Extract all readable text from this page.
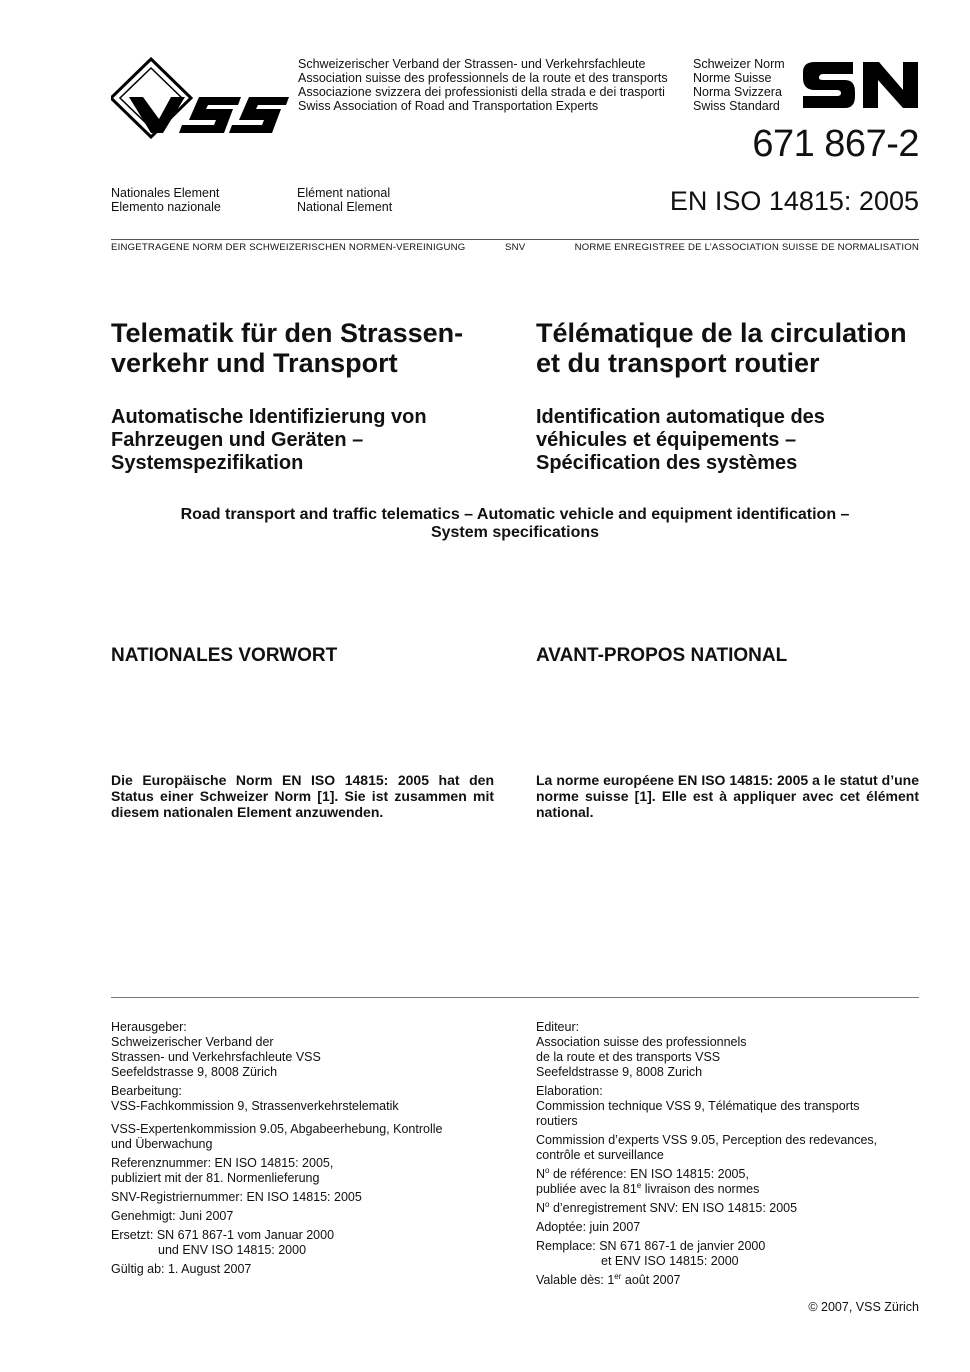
Schweizerischer Verband der Strassen- und Verkehrsfachleute
Association suisse des professionnels de la route et des transports
Associazione svizzera dei professionisti della strada e dei trasporti
Swiss Association of Road and Transportation Experts
Schweizer Norm
Norme Suisse
Norma Svizzera
Swiss Standard
671 867-2
Nationales Element
Elemento nazionale
Elément national
National Element	EN ISO 14815: 2005
EINGETRAGENE NORM DER SCHWEIZERISCHEN NORMEN-VEREINIGUNG	SNV	NORME ENREGISTREE DE L’ASSOCIATION SUISSE DE NORMALISATION
Telematik für den Strassen-
verkehr und Transport
Télématique de la circulation
et du transport routier
Automatische Identifizierung von
Fahrzeugen und Geräten –
Systemspezifikation
Identification automatique des
véhicules et équipements –
Spécification des systèmes
Road transport and traffic telematics – Automatic vehicle and equipment identification –
System specifications
NATIONALES VORWORT	AVANT-PROPOS NATIONAL
Die Europäische Norm EN ISO 14815: 2005 hat den Status einer Schweizer Norm [1]. Sie ist zusammen mit diesem nationalen Element anzuwenden.
La norme européene EN ISO 14815: 2005 a le statut d’une norme suisse [1]. Elle est à appliquer avec cet élément national.
Herausgeber:
Schweizerischer Verband der
Strassen- und Verkehrsfachleute VSS
Seefeldstrasse 9, 8008 Zürich
Bearbeitung:
VSS-Fachkommission 9, Strassenverkehrstelematik
VSS-Expertenkommission 9.05, Abgabeerhebung, Kontrolle
und Überwachung
Referenznummer: EN ISO 14815: 2005,
publiziert mit der 81. Normenlieferung
SNV-Registriernummer: EN ISO 14815: 2005
Genehmigt: Juni 2007
Ersetzt: SN 671 867-1 vom Januar 2000
und ENV ISO 14815: 2000
Gültig ab: 1. August 2007
Editeur:
Association suisse des professionnels
de la route et des transports VSS
Seefeldstrasse 9, 8008 Zurich
Elaboration:
Commission technique VSS 9, Télématique des transports
routiers
Commission d’experts VSS 9.05, Perception des redevances,
contrôle et surveillance
$N^o$ de référence: EN ISO 14815: 2005,
publiée avec la 81e livraison des normes
$N^o$ d’enregistrement SNV: EN ISO 14815: 2005
Adoptée: juin 2007
Remplace: SN 671 867-1 de janvier 2000
et ENV ISO 14815: 2000
Valable dès: 1er août 2007
© 2007, VSS Zürich
